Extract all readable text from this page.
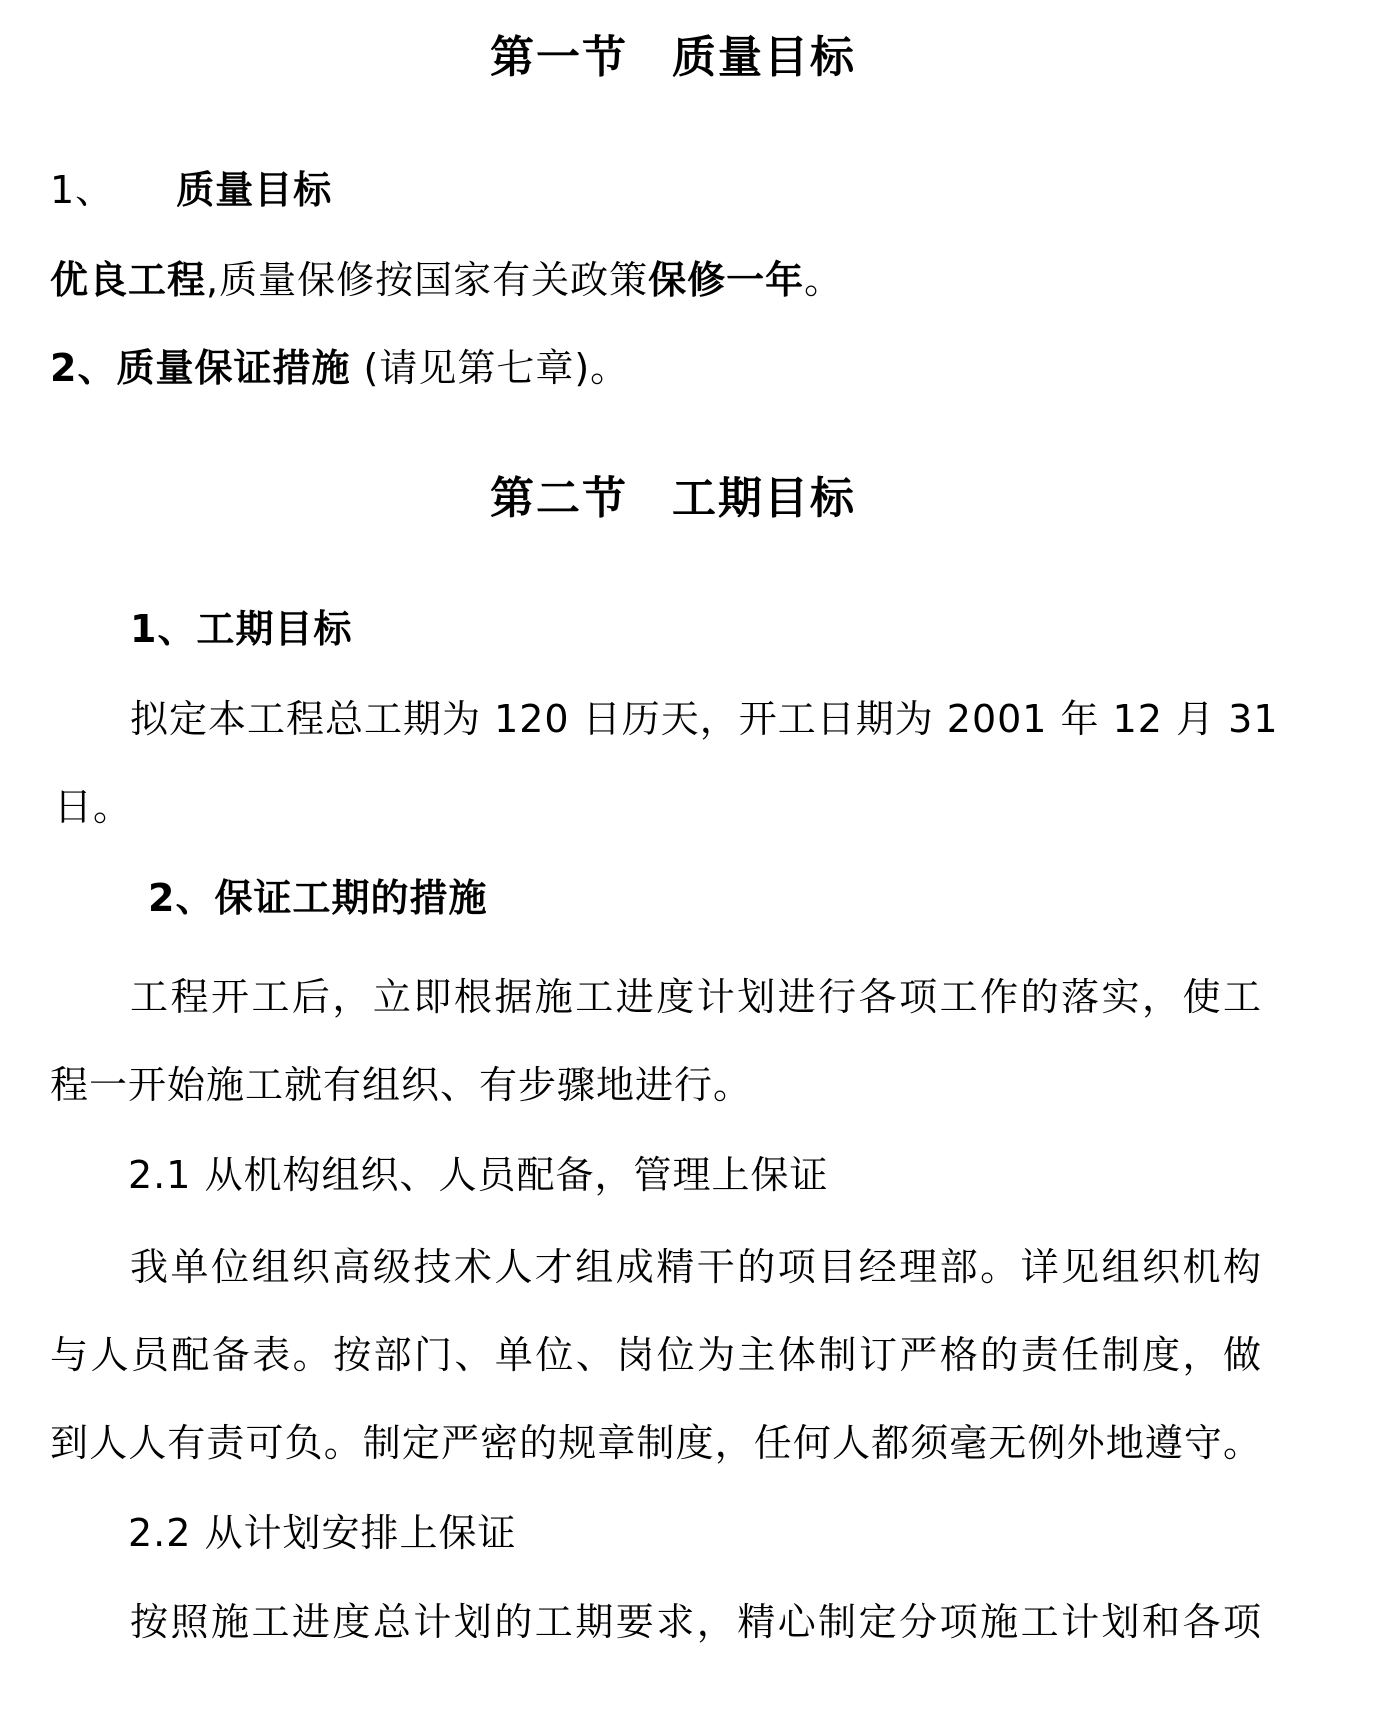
第一节 质量目标
1、 质量目标
优良工程,质量保修按国家有关政策保修一年。
2、质量保证措施 (请见第七章)。
第二节 工期目标
1、工期目标
拟定本工程总工期为 120 日历天，开工日期为 2001 年 12 月 31
日。
2、保证工期的措施
工程开工后，立即根据施工进度计划进行各项工作的落实，使工
程一开始施工就有组织、有步骤地进行。
2.1 从机构组织、人员配备，管理上保证
我单位组织高级技术人才组成精干的项目经理部。详见组织机构
与人员配备表。按部门、单位、岗位为主体制订严格的责任制度，做
到人人有责可负。制定严密的规章制度，任何人都须毫无例外地遵守。
2.2 从计划安排上保证
按照施工进度总计划的工期要求，精心制定分项施工计划和各项
